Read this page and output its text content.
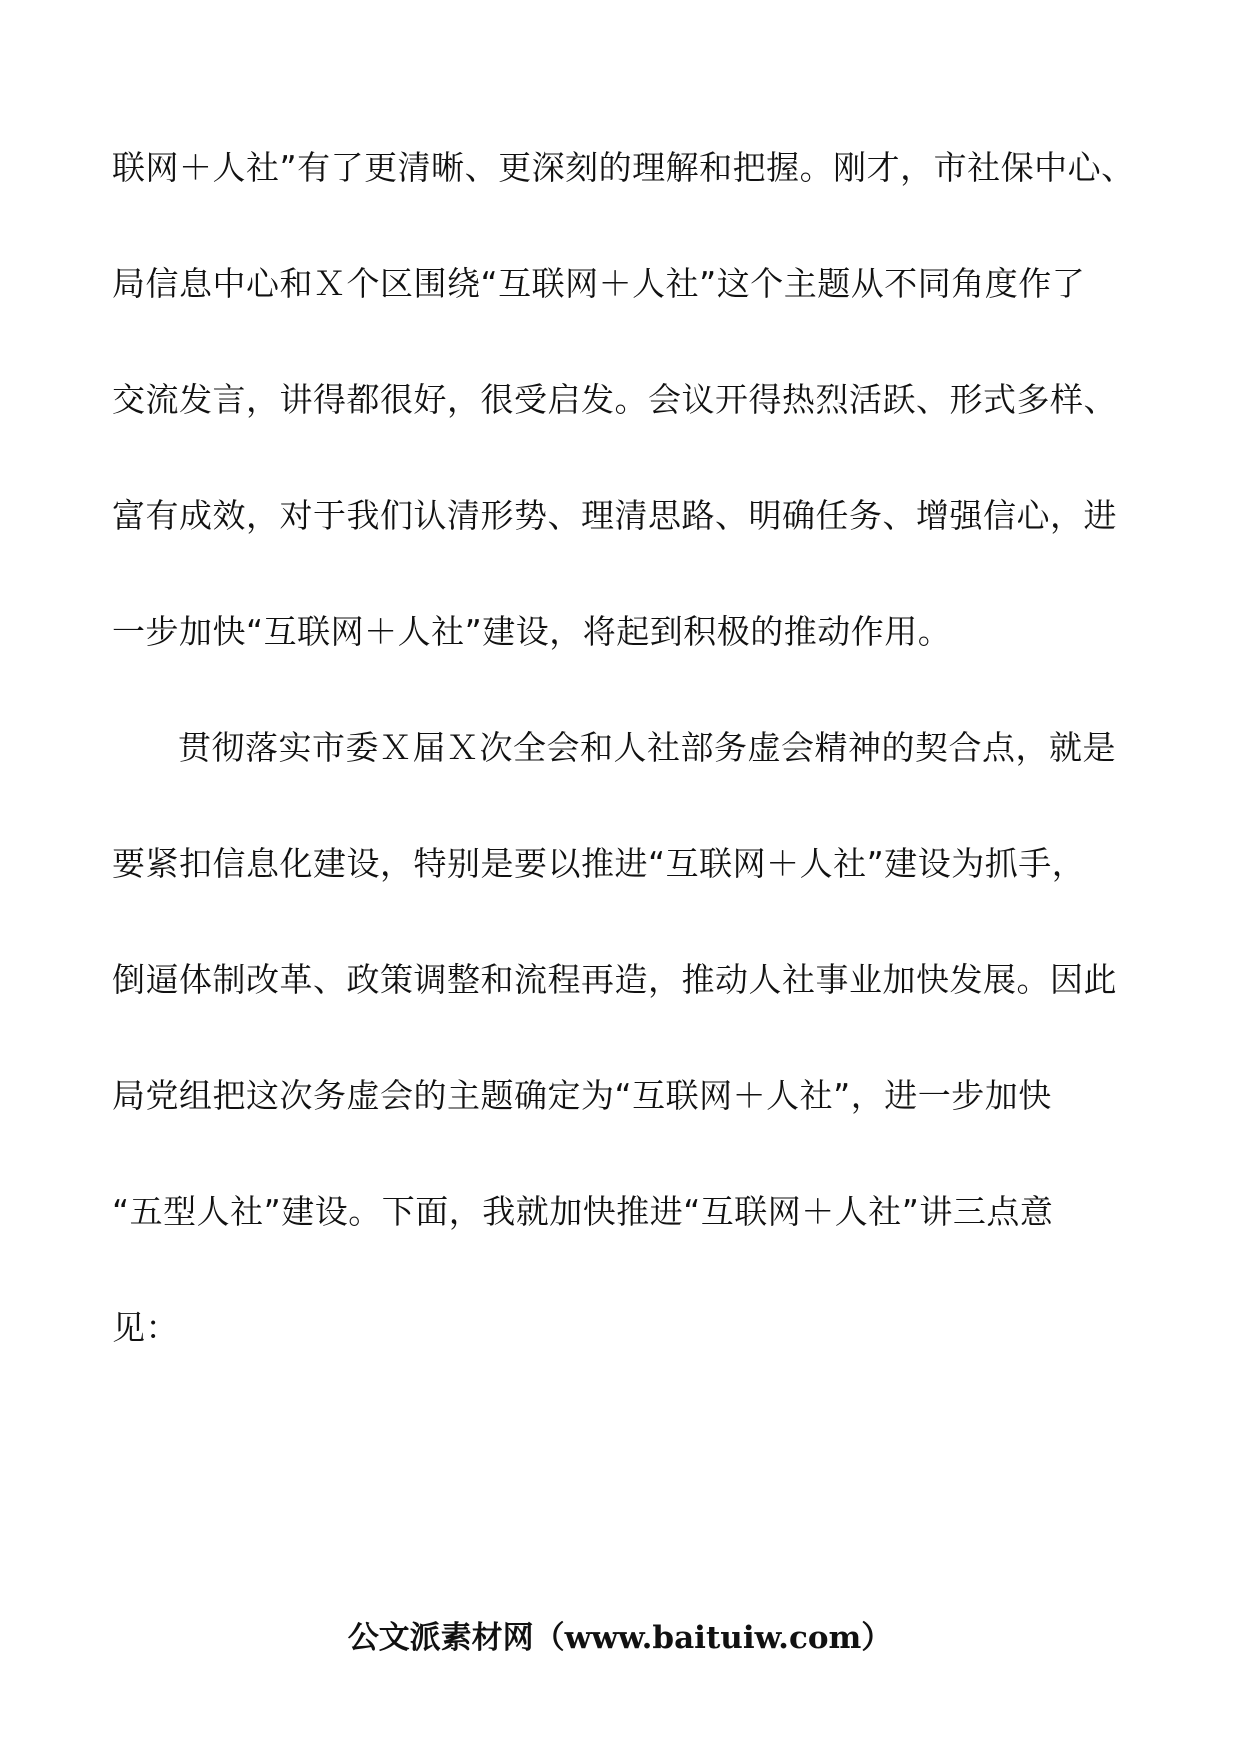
联网＋人社”有了更清晰、更深刻的理解和把握。刚才，市社保中心、
局信息中心和Ｘ个区围绕“互联网＋人社”这个主题从不同角度作了
交流发言，讲得都很好，很受启发。会议开得热烈活跃、形式多样、
富有成效，对于我们认清形势、理清思路、明确任务、增强信心，进
一步加快“互联网＋人社”建设，将起到积极的推动作用。
贯彻落实市委Ｘ届Ｘ次全会和人社部务虚会精神的契合点，就是
要紧扣信息化建设，特别是要以推进“互联网＋人社”建设为抓手，
倒逼体制改革、政策调整和流程再造，推动人社事业加快发展。因此
局党组把这次务虚会的主题确定为“互联网＋人社”，进一步加快
“五型人社”建设。下面，我就加快推进“互联网＋人社”讲三点意
见：
公文派素材网（www.baituiw.com）
